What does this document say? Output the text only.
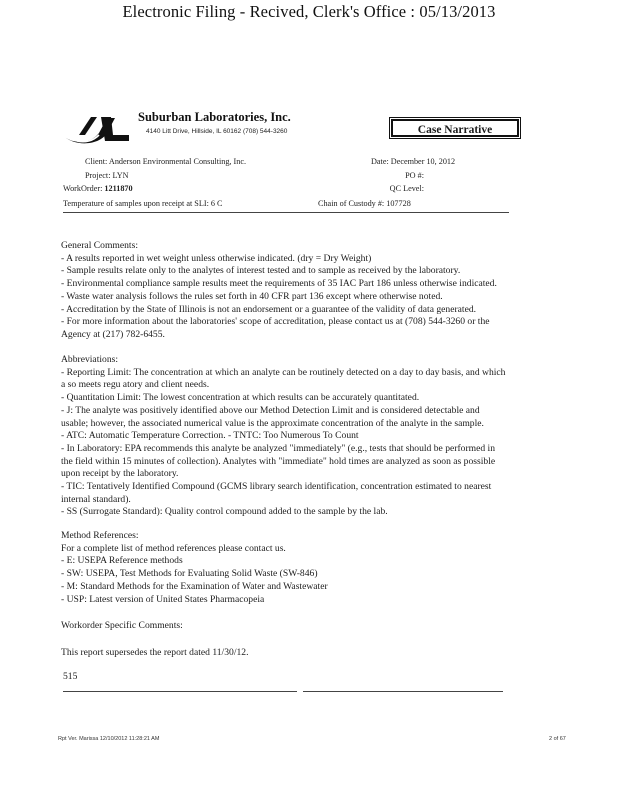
Electronic Filing - Recived, Clerk's Office : 05/13/2013
Suburban Laboratories, Inc.
4140 Litt Drive, Hillside, IL 60162 (708) 544-3260	Case Narrative
Client: Anderson Environmental Consulting, Inc.	Date: December 10, 2012
Project: LYN	PO #:
WorkOrder: 1211870	QC Level:
Temperature of samples upon receipt at SLI: 6 C	Chain of Custody #: 107728
General Comments:
- A results reported in wet weight unless otherwise indicated. (dry = Dry Weight)
- Sample results relate only to the analytes of interest tested and to sample as received by the laboratory.
- Environmental compliance sample results meet the requirements of 35 IAC Part 186 unless otherwise indicated.
- Waste water analysis follows the rules set forth in 40 CFR part 136 except where otherwise noted.
- Accreditation by the State of Illinois is not an endorsement or a guarantee of the validity of data generated.
- For more information about the laboratories' scope of accreditation, please contact us at (708) 544-3260 or the
Agency at (217) 782-6455.
Abbreviations:
- Reporting Limit: The concentration at which an analyte can be routinely detected on a day to day basis, and which
a so meets regu atory and client needs.
- Quantitation Limit: The lowest concentration at which results can be accurately quantitated.
- J: The analyte was positively identified above our Method Detection Limit and is considered detectable and
usable; however, the associated numerical value is the approximate concentration of the analyte in the sample.
- ATC: Automatic Temperature Correction. - TNTC: Too Numerous To Count
- In Laboratory: EPA recommends this analyte be analyzed "immediately" (e.g., tests that should be performed in
the field within 15 minutes of collection). Analytes with "immediate" hold times are analyzed as soon as possible
upon receipt by the laboratory.
- TIC: Tentatively Identified Compound (GCMS library search identification, concentration estimated to nearest
internal standard).
- SS (Surrogate Standard): Quality control compound added to the sample by the lab.
Method References:
For a complete list of method references please contact us.
- E: USEPA Reference methods
- SW: USEPA, Test Methods for Evaluating Solid Waste (SW-846)
- M: Standard Methods for the Examination of Water and Wastewater
- USP: Latest version of United States Pharmacopeia
Workorder Specific Comments:
This report supersedes the report dated 11/30/12.
515
Rpt Ver. Marissa 12/10/2012 11:28:21 AM	2 of 67
